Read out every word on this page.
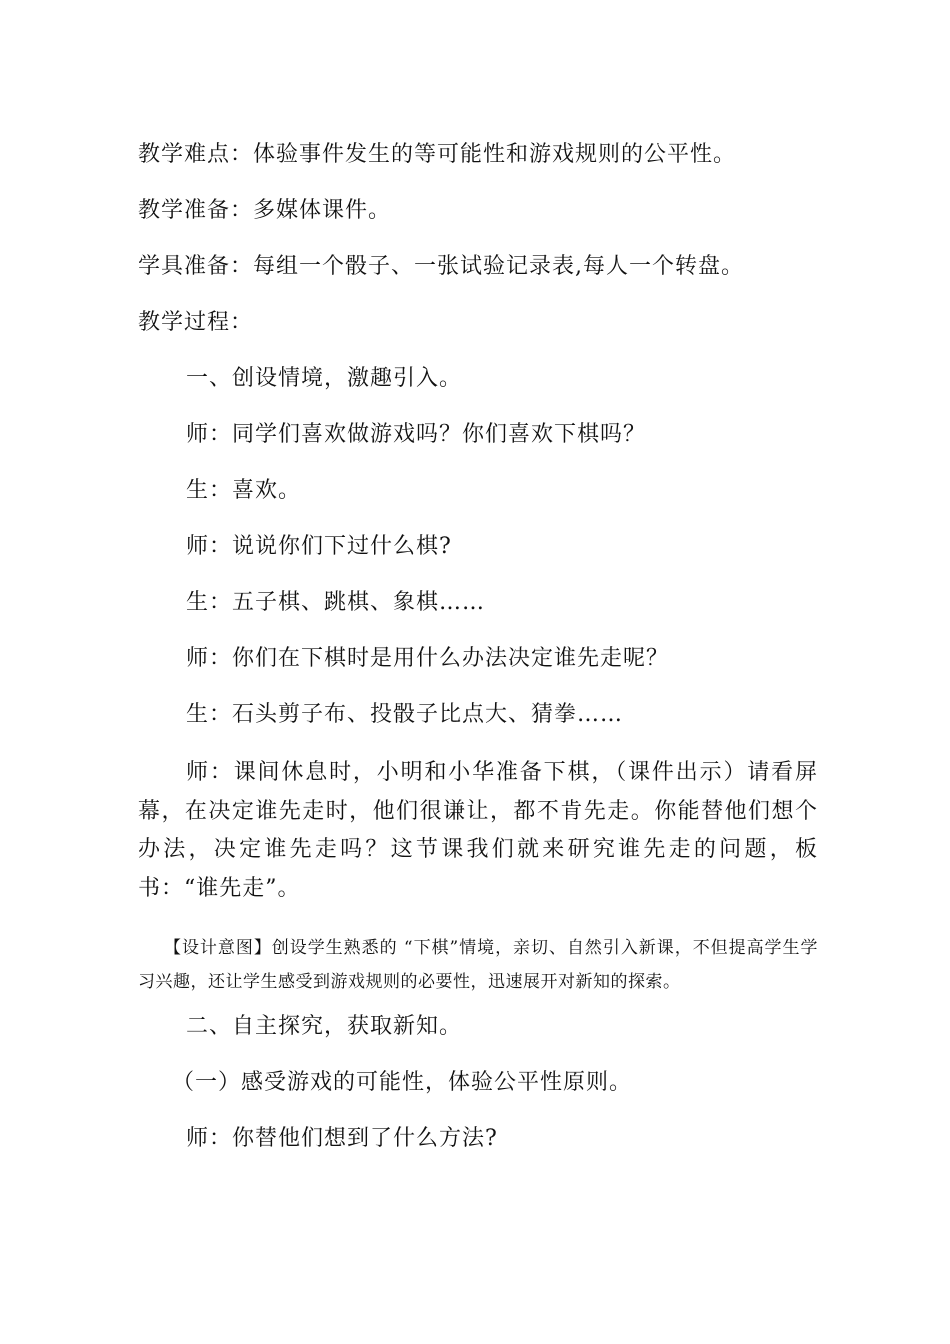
教学难点：体验事件发生的等可能性和游戏规则的公平性。
教学准备：多媒体课件。
学具准备：每组一个骰子、一张试验记录表,每人一个转盘。
教学过程：
一、创设情境，激趣引入。
师：同学们喜欢做游戏吗？你们喜欢下棋吗？
生：喜欢。
师：说说你们下过什么棋?
生：五子棋、跳棋、象棋……
师：你们在下棋时是用什么办法决定谁先走呢？
生：石头剪子布、投骰子比点大、猜拳……
师：课间休息时，小明和小华准备下棋，（课件出示）请看屏幕，在决定谁先走时，他们很谦让，都不肯先走。你能替他们想个办法，决定谁先走吗？这节课我们就来研究谁先走的问题，板书：“谁先走”。
【设计意图】创设学生熟悉的 “下棋”情境，亲切、自然引入新课，不但提高学生学习兴趣，还让学生感受到游戏规则的必要性，迅速展开对新知的探索。
二、自主探究，获取新知。
（一）感受游戏的可能性，体验公平性原则。
师：你替他们想到了什么方法?
